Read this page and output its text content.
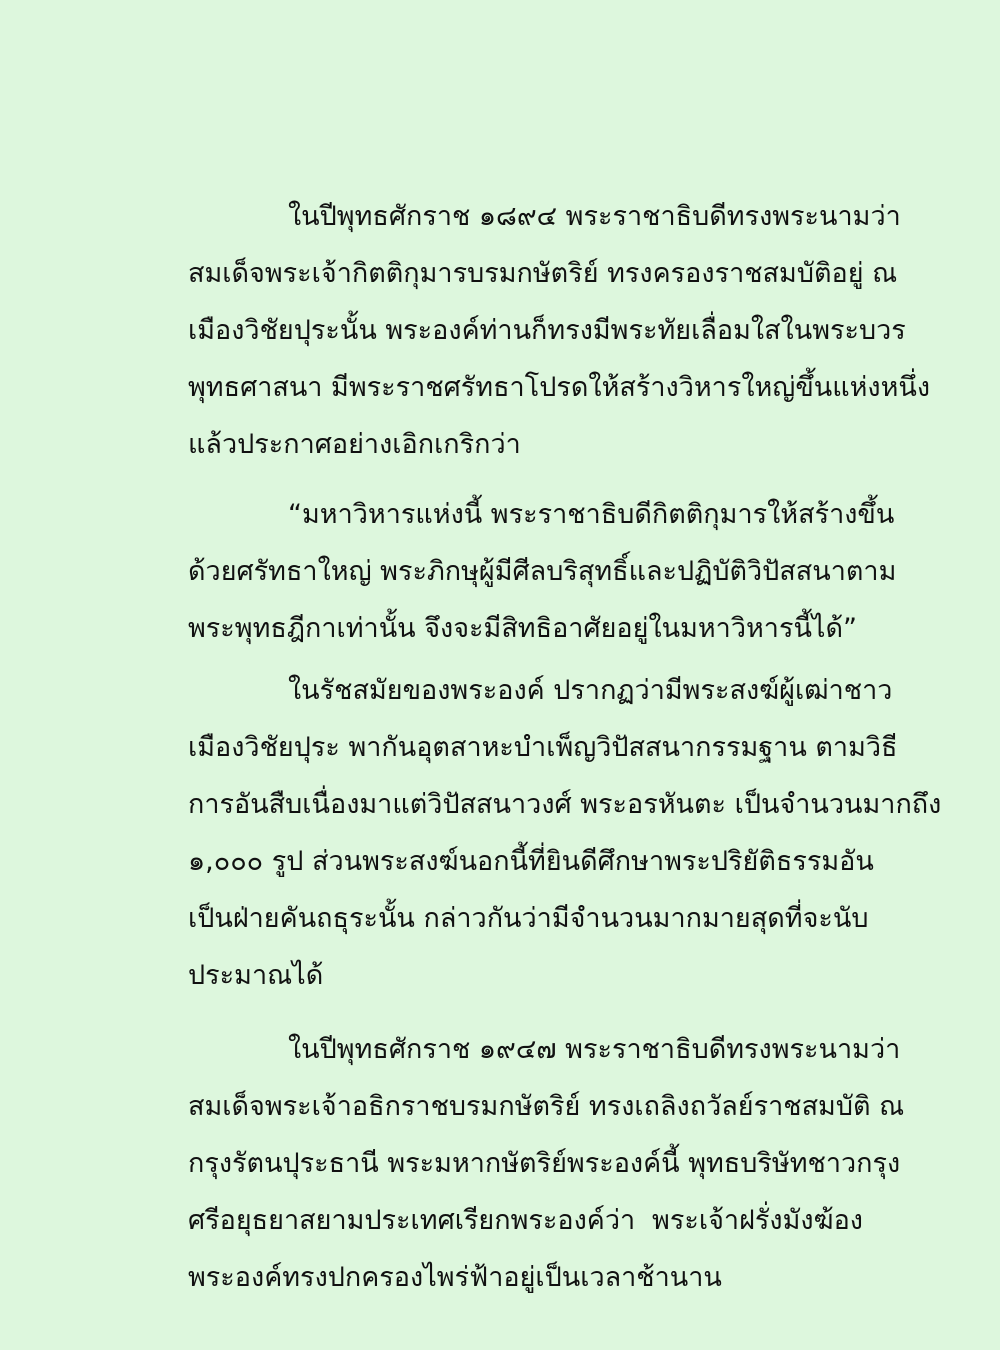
ในปีพุทธศักราช ๑๘๙๔ พระราชาธิบดีทรงพระนามว่า
สมเด็จพระเจ้ากิตติกุมารบรมกษัตริย์ ทรงครองราชสมบัติอยู่ ณ
เมืองวิชัยปุระนั้น พระองค์ท่านก็ทรงมีพระทัยเลื่อมใสในพระบวร
พุทธศาสนา มีพระราชศรัทธาโปรดให้สร้างวิหารใหญ่ขึ้นแห่งหนึ่ง
แล้วประกาศอย่างเอิกเกริกว่า
“มหาวิหารแห่งนี้ พระราชาธิบดีกิตติกุมารให้สร้างขึ้น
ด้วยศรัทธาใหญ่ พระภิกษุผู้มีศีลบริสุทธิ์และปฏิบัติวิปัสสนาตาม
พระพุทธฎีกาเท่านั้น จึงจะมีสิทธิอาศัยอยู่ในมหาวิหารนี้ได้”
ในรัชสมัยของพระองค์ ปรากฏว่ามีพระสงฆ์ผู้เฒ่าชาว
เมืองวิชัยปุระ พากันอุตสาหะบำเพ็ญวิปัสสนากรรมฐาน ตามวิธี
การอันสืบเนื่องมาแต่วิปัสสนาวงศ์ พระอรหันตะ เป็นจำนวนมากถึง
๑,๐๐๐ รูป ส่วนพระสงฆ์นอกนี้ที่ยินดีศึกษาพระปริยัติธรรมอัน
เป็นฝ่ายคันถธุระนั้น กล่าวกันว่ามีจำนวนมากมายสุดที่จะนับ
ประมาณได้
ในปีพุทธศักราช ๑๙๔๗ พระราชาธิบดีทรงพระนามว่า
สมเด็จพระเจ้าอธิกราชบรมกษัตริย์ ทรงเถลิงถวัลย์ราชสมบัติ ณ
กรุงรัตนปุระธานี พระมหากษัตริย์พระองค์นี้ พุทธบริษัทชาวกรุง
ศรีอยุธยาสยามประเทศเรียกพระองค์ว่า พระเจ้าฝรั่งมังฆ้อง
พระองค์ทรงปกครองไพร่ฟ้าอยู่เป็นเวลาช้านาน
